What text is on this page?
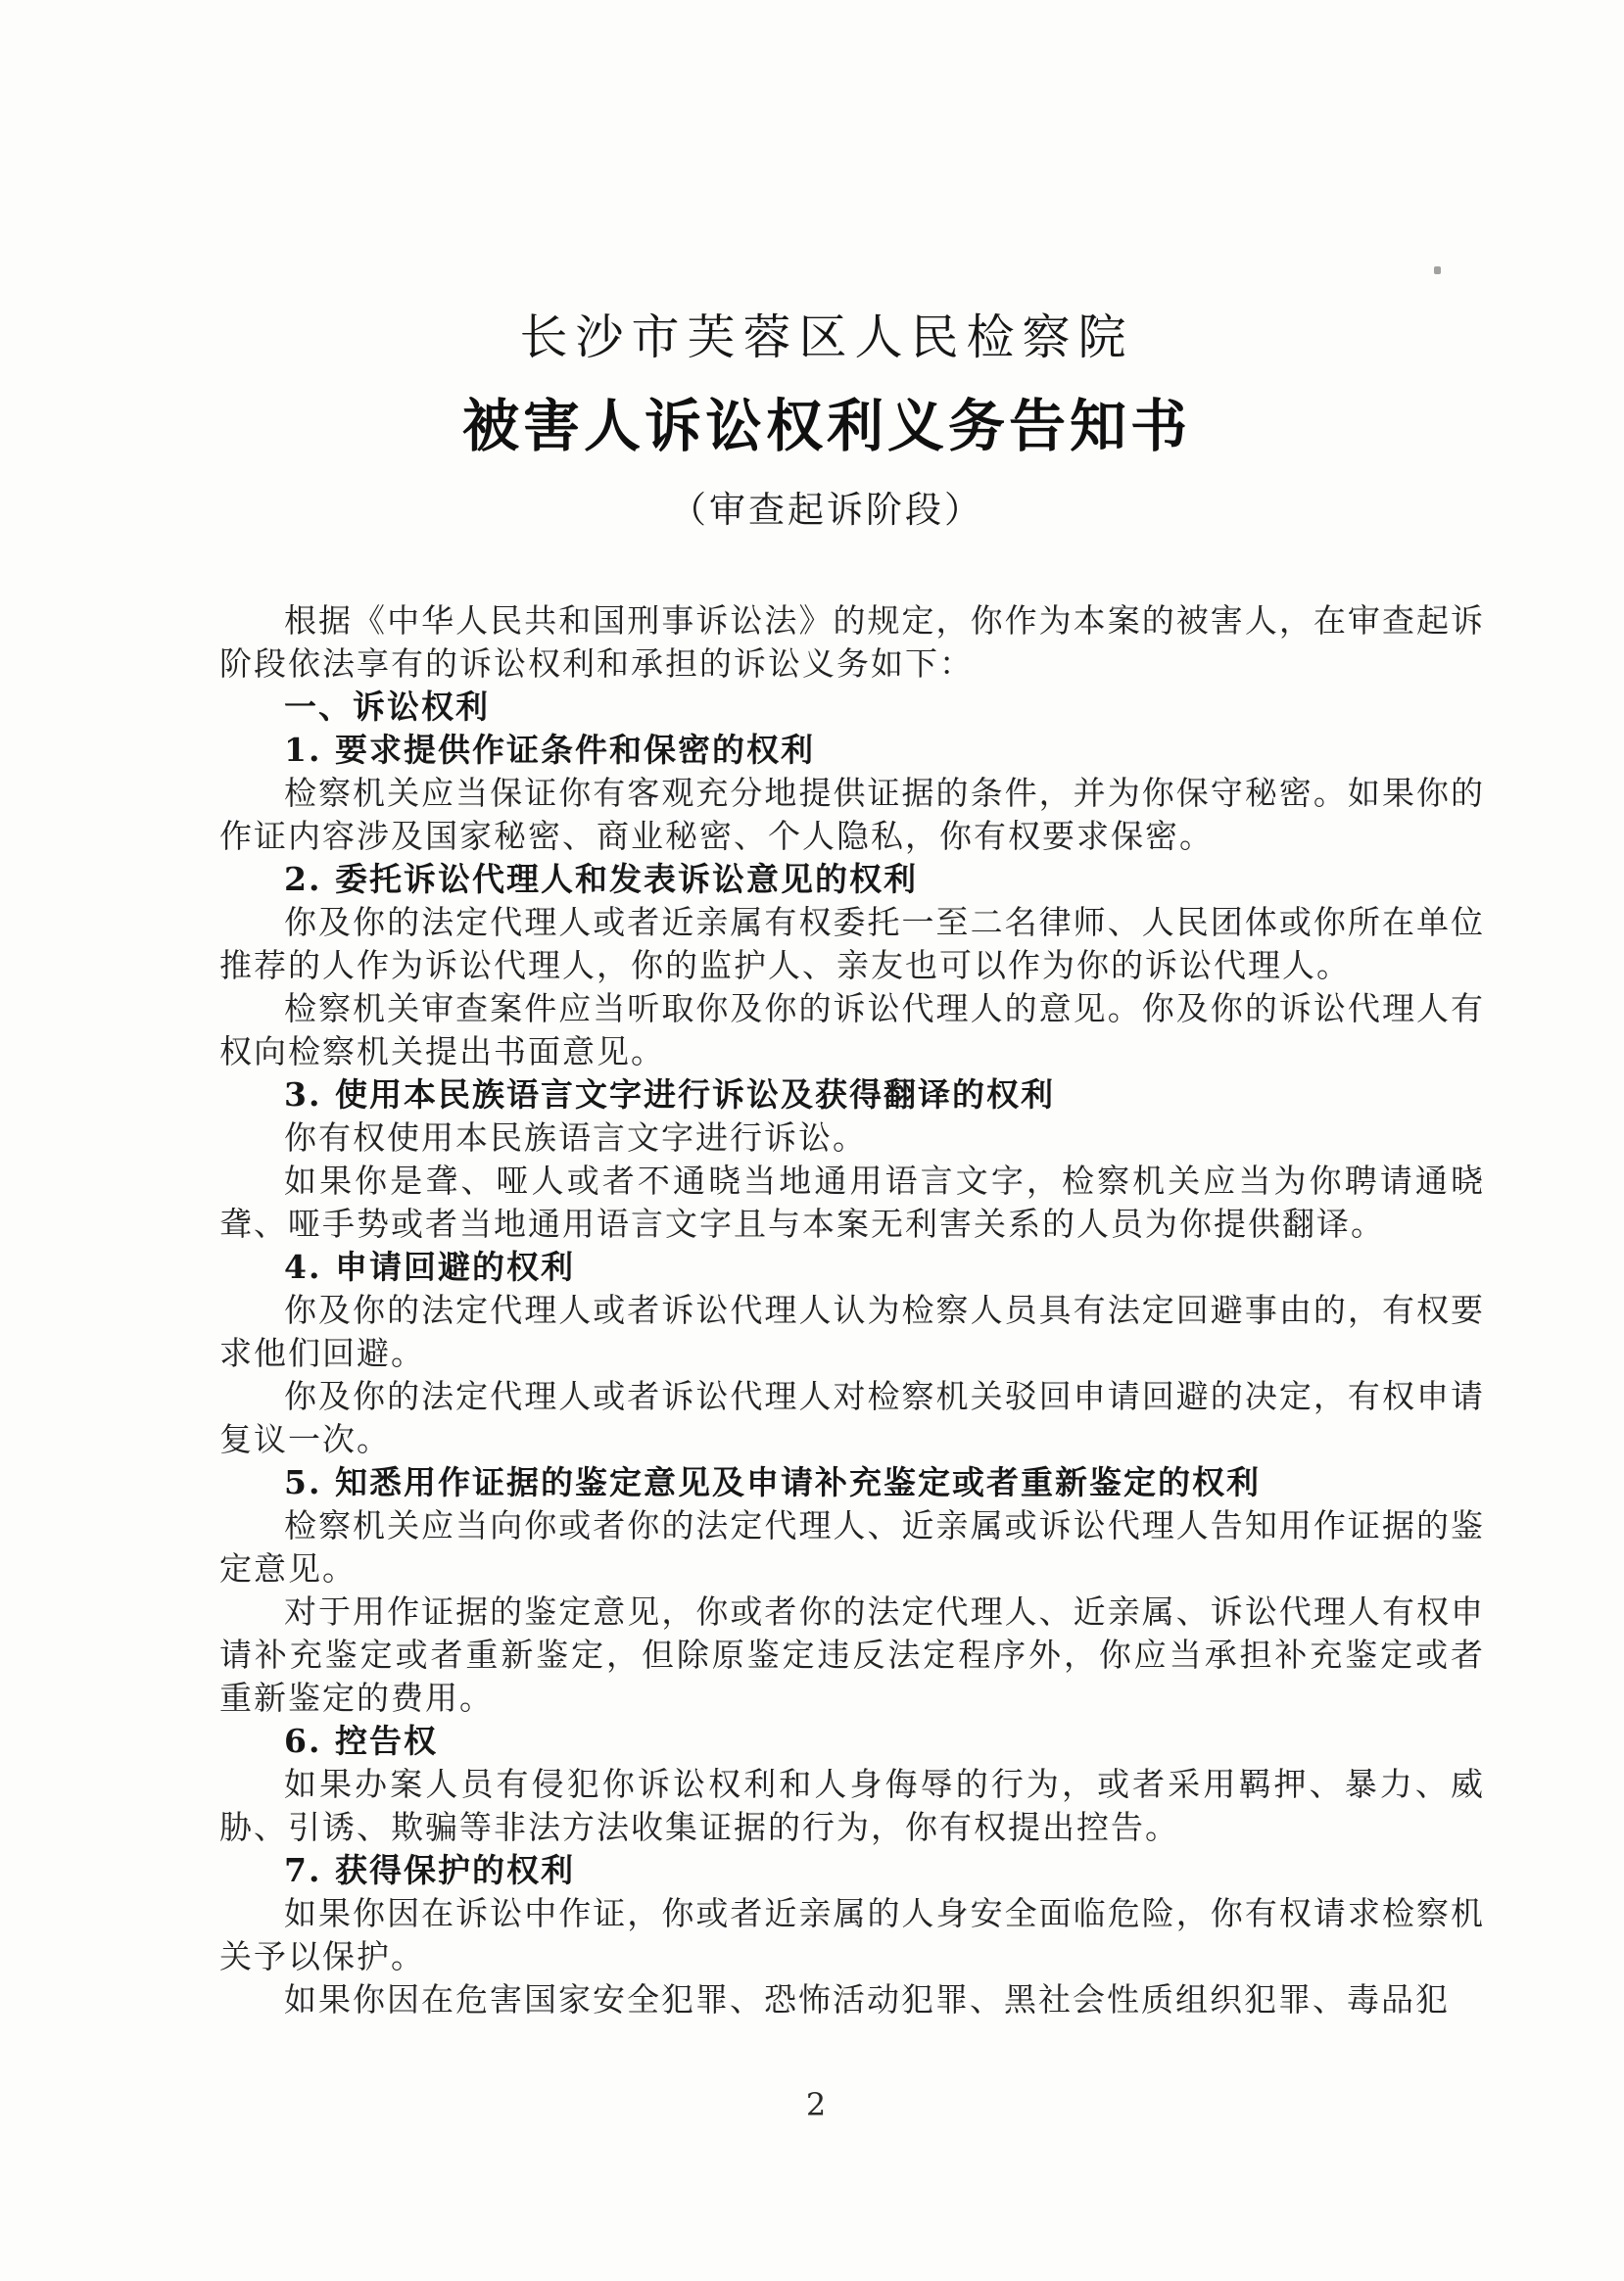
长沙市芙蓉区人民检察院
被害人诉讼权利义务告知书
（审查起诉阶段）

根据《中华人民共和国刑事诉讼法》的规定，你作为本案的被害人，在审查起诉阶段依法享有的诉讼权利和承担的诉讼义务如下：

一、诉讼权利

1. 要求提供作证条件和保密的权利

检察机关应当保证你有客观充分地提供证据的条件，并为你保守秘密。如果你的作证内容涉及国家秘密、商业秘密、个人隐私，你有权要求保密。

2. 委托诉讼代理人和发表诉讼意见的权利

你及你的法定代理人或者近亲属有权委托一至二名律师、人民团体或你所在单位推荐的人作为诉讼代理人，你的监护人、亲友也可以作为你的诉讼代理人。

检察机关审查案件应当听取你及你的诉讼代理人的意见。你及你的诉讼代理人有权向检察机关提出书面意见。

3. 使用本民族语言文字进行诉讼及获得翻译的权利

你有权使用本民族语言文字进行诉讼。

如果你是聋、哑人或者不通晓当地通用语言文字，检察机关应当为你聘请通晓聋、哑手势或者当地通用语言文字且与本案无利害关系的人员为你提供翻译。

4. 申请回避的权利

你及你的法定代理人或者诉讼代理人认为检察人员具有法定回避事由的，有权要求他们回避。

你及你的法定代理人或者诉讼代理人对检察机关驳回申请回避的决定，有权申请复议一次。

5. 知悉用作证据的鉴定意见及申请补充鉴定或者重新鉴定的权利

检察机关应当向你或者你的法定代理人、近亲属或诉讼代理人告知用作证据的鉴定意见。

对于用作证据的鉴定意见，你或者你的法定代理人、近亲属、诉讼代理人有权申请补充鉴定或者重新鉴定，但除原鉴定违反法定程序外，你应当承担补充鉴定或者重新鉴定的费用。

6. 控告权

如果办案人员有侵犯你诉讼权利和人身侮辱的行为，或者采用羁押、暴力、威胁、引诱、欺骗等非法方法收集证据的行为，你有权提出控告。

7. 获得保护的权利

如果你因在诉讼中作证，你或者近亲属的人身安全面临危险，你有权请求检察机关予以保护。

如果你因在危害国家安全犯罪、恐怖活动犯罪、黑社会性质组织犯罪、毒品犯

2
